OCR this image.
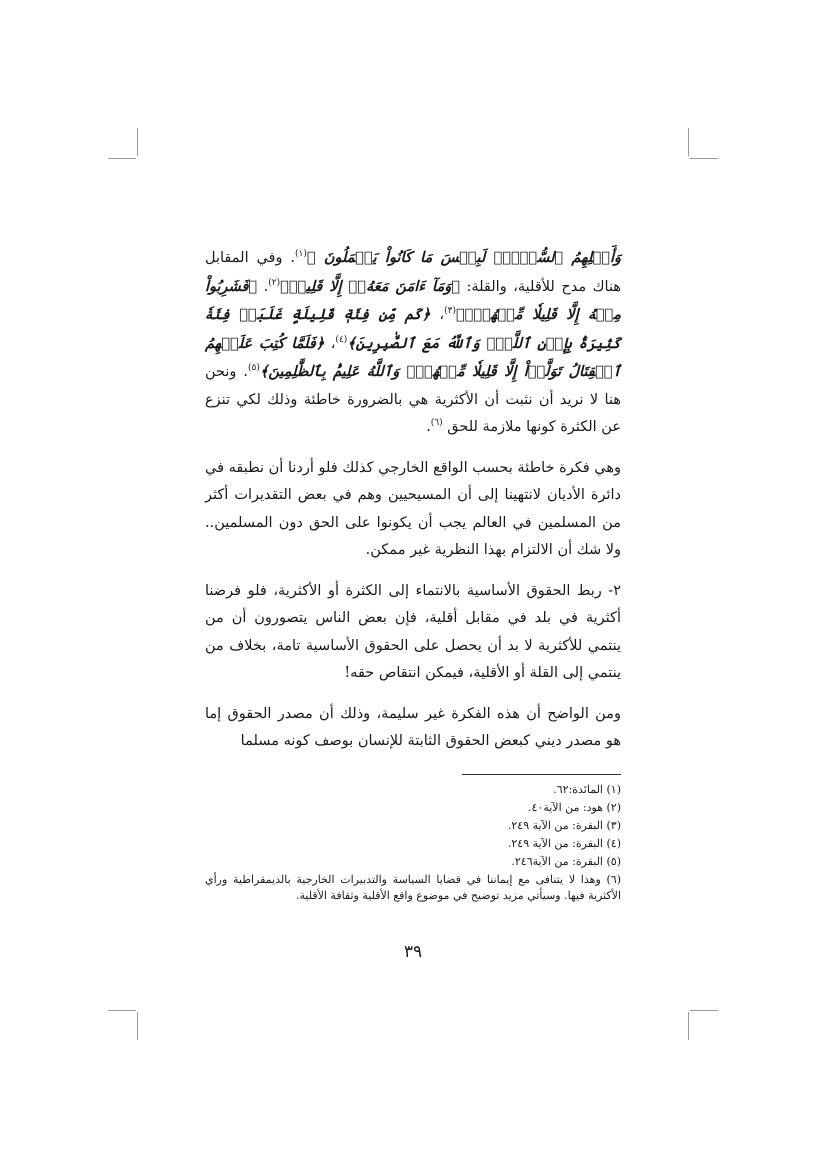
وَأَكۡلِهِمُ ٱلسُّحۡتَۚ لَبِئۡسَ مَا كَانُواْ يَعۡمَلُونَ ﴾$^{(١)}$. وفي المقابل هناك مدح للأقلية، والقلة: ﴿وَمَآ ءَامَنَ مَعَهُۥٓ إِلَّا قَلِيلٞ﴾$^{(٢)}$. ﴿فَشَرِبُواْ مِنۡهُ إِلَّا قَلِيلٗا مِّنۡهُمۡۚ﴾$^{(٣)}$، ﴿كَم مِّن فِئَةٖ قَلِيلَةٍ غَلَبَتۡ فِئَةٗ كَثِيرَةَۢ بِإِذۡنِ ٱللَّهِۗ وَٱللَّهُ مَعَ ٱلصَّٰبِرِينَ﴾$^{(٤)}$، ﴿فَلَمَّا كُتِبَ عَلَيۡهِمُ ٱلۡقِتَالُ تَوَلَّوۡاْ إِلَّا قَلِيلٗا مِّنۡهُمۡۚ وَٱللَّهُ عَلِيمُۢ بِٱلظَّٰلِمِينَ﴾$^{(٥)}$. ونحن هنا لا نريد أن نثبت أن الأكثرية هي بالضرورة خاطئة وذلك لكي تنزع عن الكثرة كونها ملازمة للحق $^{(٦)}$.

وهي فكرة خاطئة بحسب الواقع الخارجي كذلك فلو أردنا أن نطبقه في دائرة الأديان لانتهينا إلى أن المسيحيين وهم في بعض التقديرات أكثر من المسلمين في العالم يجب أن يكونوا على الحق دون المسلمين.. ولا شك أن الالتزام بهذا النظرية غير ممكن.

٢- ربط الحقوق الأساسية بالانتماء إلى الكثرة أو الأكثرية، فلو فرضنا أكثرية في بلد في مقابل أقلية، فإن بعض الناس يتصورون أن من ينتمي للأكثرية لا بد أن يحصل على الحقوق الأساسية تامة، بخلاف من ينتمي إلى القلة أو الأقلية، فيمكن انتقاص حقه!

ومن الواضح أن هذه الفكرة غير سليمة، وذلك أن مصدر الحقوق إما هو مصدر ديني كبعض الحقوق الثابتة للإنسان بوصف كونه مسلما

(١) المائدة:٦٢.

(٢) هود: من الآية٤٠.

(٣) البقرة: من الآية ٢٤٩.

(٤) البقرة: من الآية ٢٤٩.

(٥) البقرة: من الآية٢٤٦.

(٦) وهذا لا يتنافى مع إيماننا في قضايا السياسة والتدبيرات الخارجية بالديمقراطية ورأي الأكثرية فيها. وسيأتي مزيد توضيح في موضوع واقع الأقلية وثقافة الأقلية.

٣٩
